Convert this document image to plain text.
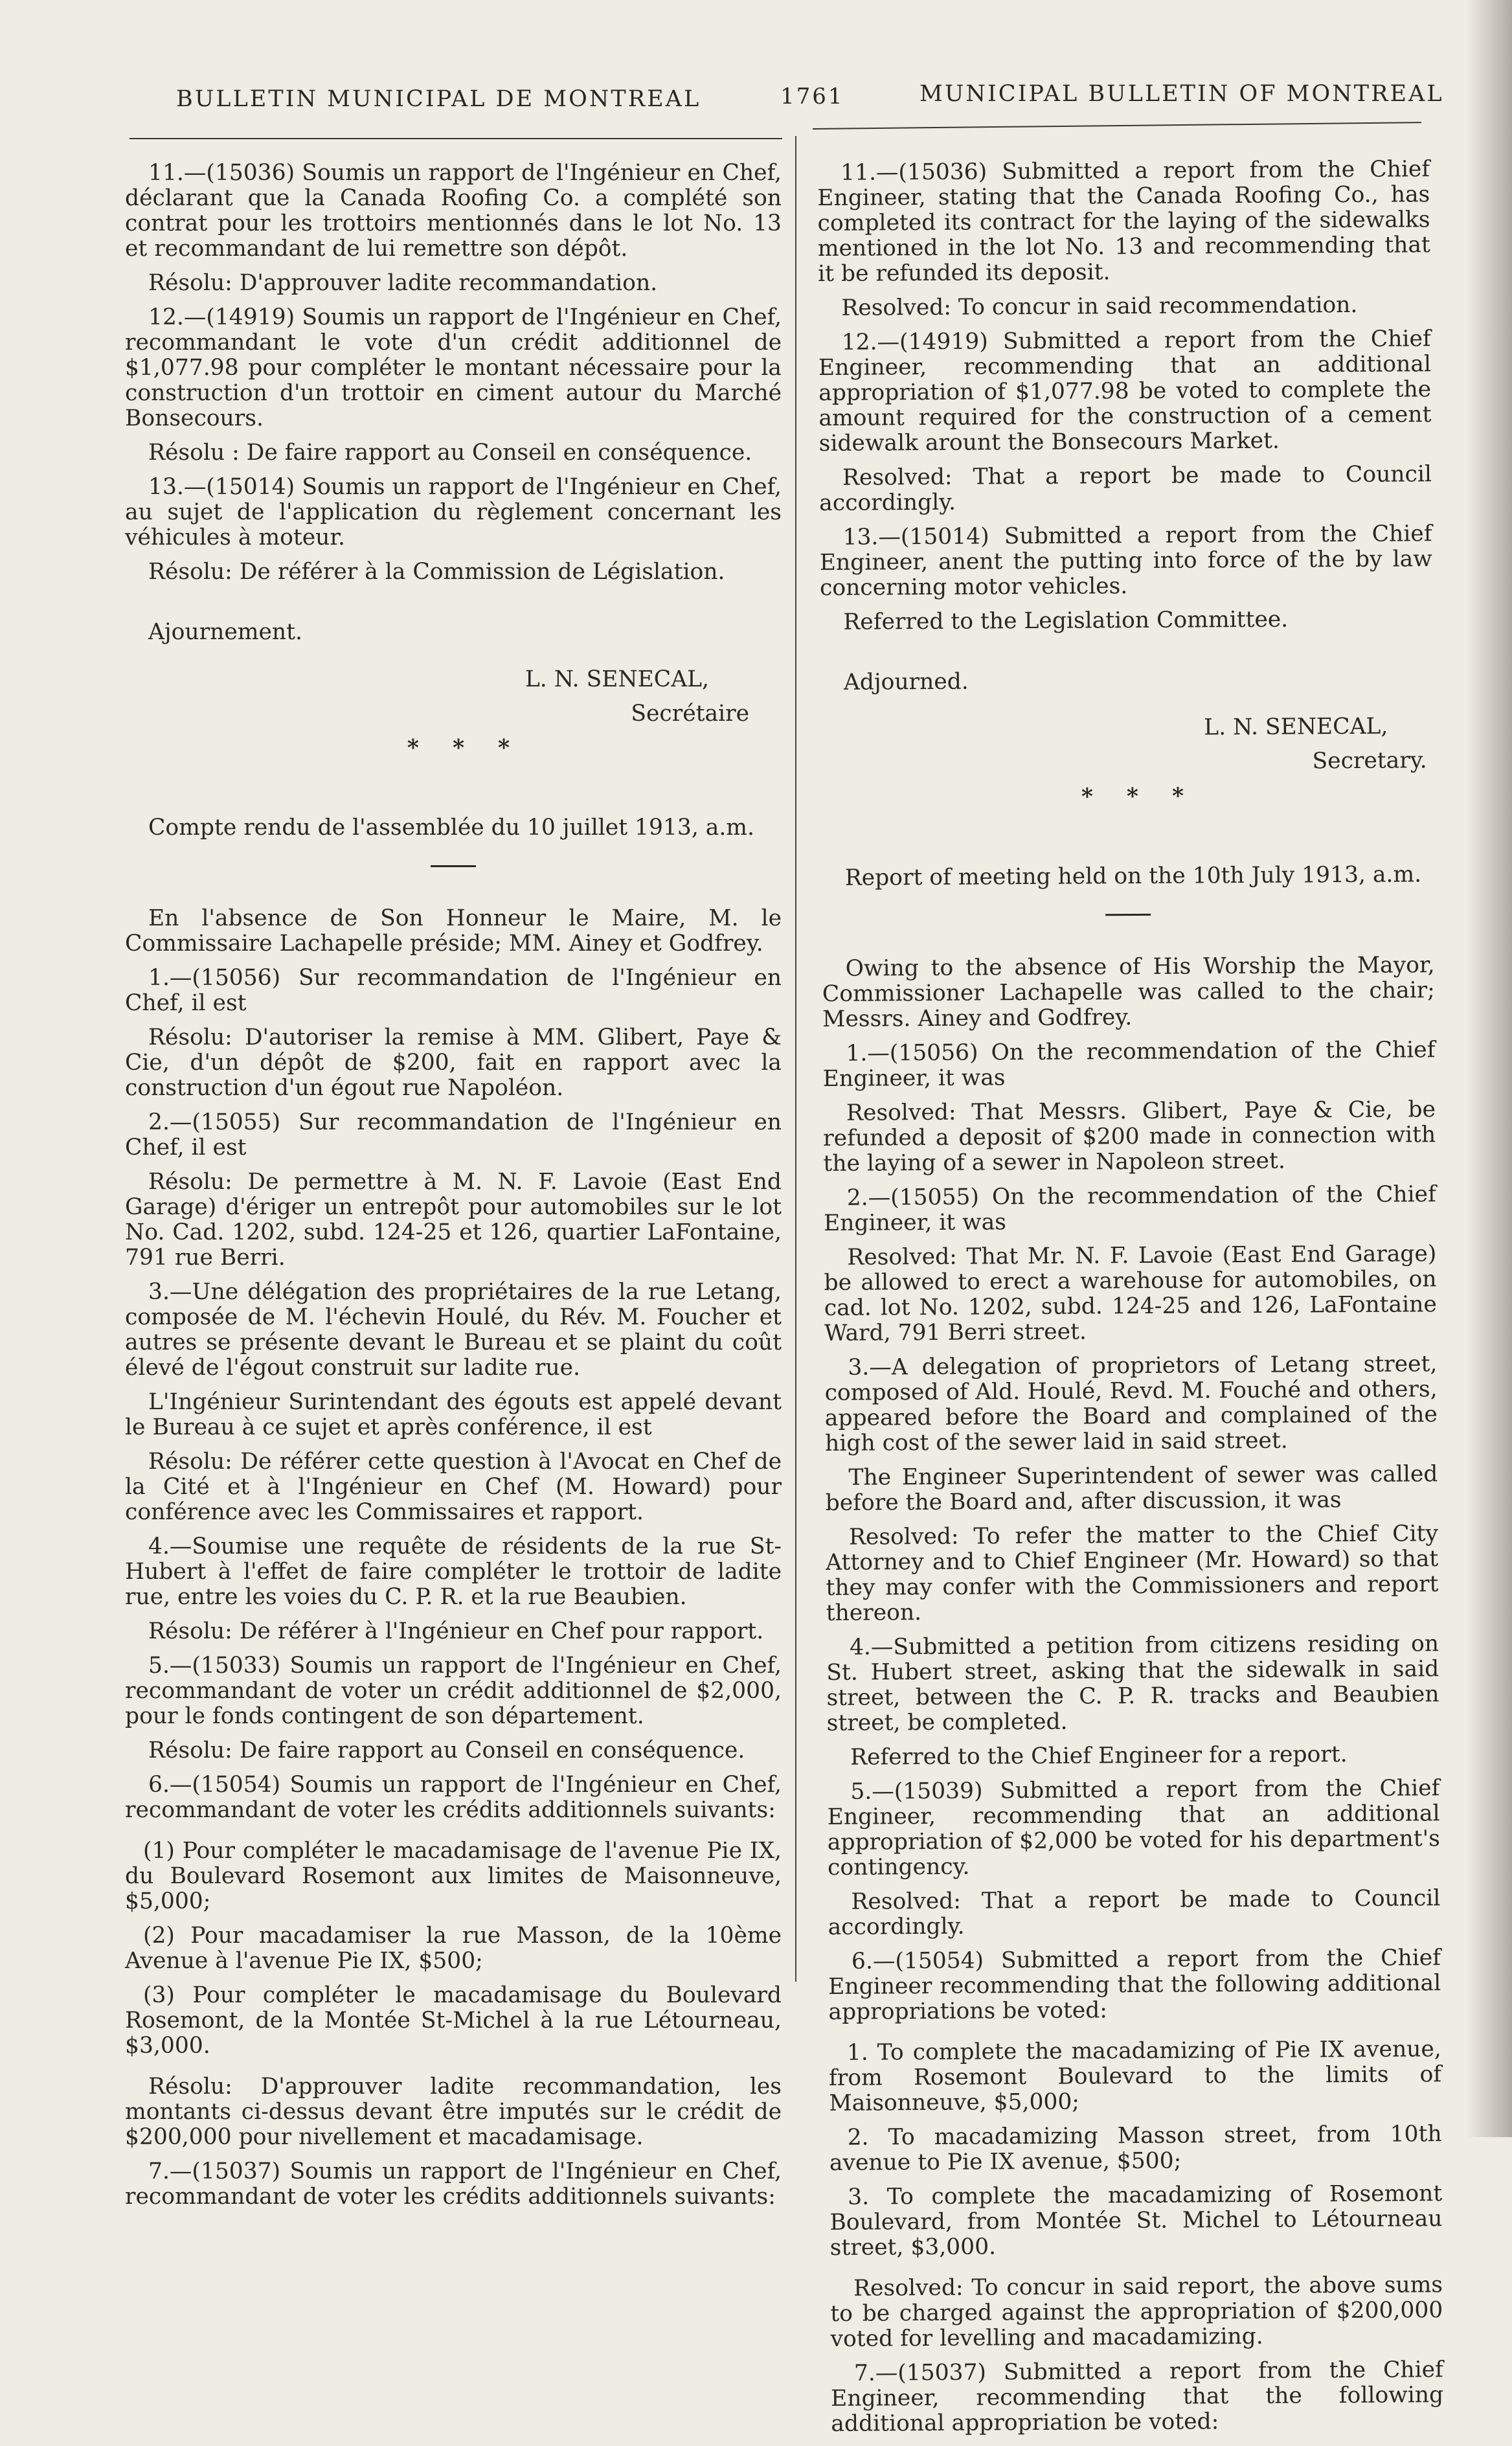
BULLETIN MUNICIPAL DE MONTREAL	1761	MUNICIPAL BULLETIN OF MONTREAL

11.—(15036) Soumis un rapport de l'Ingénieur en Chef, déclarant que la Canada Roofing Co. a complété son contrat pour les trottoirs mentionnés dans le lot No. 13 et recommandant de lui remettre son dépôt.

Résolu: D'approuver ladite recommandation.

12.—(14919) Soumis un rapport de l'Ingénieur en Chef, recommandant le vote d'un crédit additionnel de $1,077.98 pour compléter le montant nécessaire pour la construction d'un trottoir en ciment autour du Marché Bonsecours.

Résolu : De faire rapport au Conseil en conséquence.

13.—(15014) Soumis un rapport de l'Ingénieur en Chef, au sujet de l'application du règlement concernant les véhicules à moteur.

Résolu: De référer à la Commission de Législation.

Ajournement.

L. N. SENECAL,

Secrétaire

* * *

Compte rendu de l'assemblée du 10 juillet 1913, a.m.

En l'absence de Son Honneur le Maire, M. le Commissaire Lachapelle préside; MM. Ainey et Godfrey.

1.—(15056) Sur recommandation de l'Ingénieur en Chef, il est

Résolu: D'autoriser la remise à MM. Glibert, Paye & Cie, d'un dépôt de $200, fait en rapport avec la construction d'un égout rue Napoléon.

2.—(15055) Sur recommandation de l'Ingénieur en Chef, il est

Résolu: De permettre à M. N. F. Lavoie (East End Garage) d'ériger un entrepôt pour automobiles sur le lot No. Cad. 1202, subd. 124-25 et 126, quartier LaFontaine, 791 rue Berri.

3.—Une délégation des propriétaires de la rue Letang, composée de M. l'échevin Houlé, du Rév. M. Foucher et autres se présente devant le Bureau et se plaint du coût élevé de l'égout construit sur ladite rue.

L'Ingénieur Surintendant des égouts est appelé devant le Bureau à ce sujet et après conférence, il est

Résolu: De référer cette question à l'Avocat en Chef de la Cité et à l'Ingénieur en Chef (M. Howard) pour conférence avec les Commissaires et rapport.

4.—Soumise une requête de résidents de la rue St-Hubert à l'effet de faire compléter le trottoir de ladite rue, entre les voies du C. P. R. et la rue Beaubien.

Résolu: De référer à l'Ingénieur en Chef pour rapport.

5.—(15033) Soumis un rapport de l'Ingénieur en Chef, recommandant de voter un crédit additionnel de $2,000, pour le fonds contingent de son département.

Résolu: De faire rapport au Conseil en conséquence.

6.—(15054) Soumis un rapport de l'Ingénieur en Chef, recommandant de voter les crédits additionnels suivants:

(1) Pour compléter le macadamisage de l'avenue Pie IX, du Boulevard Rosemont aux limites de Maisonneuve, $5,000;

(2) Pour macadamiser la rue Masson, de la 10ème Avenue à l'avenue Pie IX, $500;

(3) Pour compléter le macadamisage du Boulevard Rosemont, de la Montée St-Michel à la rue Létourneau, $3,000.

Résolu: D'approuver ladite recommandation, les montants ci-dessus devant être imputés sur le crédit de $200,000 pour nivellement et macadamisage.

7.—(15037) Soumis un rapport de l'Ingénieur en Chef, recommandant de voter les crédits additionnels suivants:

11.—(15036) Submitted a report from the Chief Engineer, stating that the Canada Roofing Co., has completed its contract for the laying of the sidewalks mentioned in the lot No. 13 and recommending that it be refunded its deposit.

Resolved: To concur in said recommendation.

12.—(14919) Submitted a report from the Chief Engineer, recommending that an additional appropriation of $1,077.98 be voted to complete the amount required for the construction of a cement sidewalk arount the Bonsecours Market.

Resolved: That a report be made to Council accordingly.

13.—(15014) Submitted a report from the Chief Engineer, anent the putting into force of the by law concerning motor vehicles.

Referred to the Legislation Committee.

Adjourned.

L. N. SENECAL,

Secretary.

* * *

Report of meeting held on the 10th July 1913, a.m.

Owing to the absence of His Worship the Mayor, Commissioner Lachapelle was called to the chair; Messrs. Ainey and Godfrey.

1.—(15056) On the recommendation of the Chief Engineer, it was

Resolved: That Messrs. Glibert, Paye & Cie, be refunded a deposit of $200 made in connection with the laying of a sewer in Napoleon street.

2.—(15055) On the recommendation of the Chief Engineer, it was

Resolved: That Mr. N. F. Lavoie (East End Garage) be allowed to erect a warehouse for automobiles, on cad. lot No. 1202, subd. 124-25 and 126, LaFontaine Ward, 791 Berri street.

3.—A delegation of proprietors of Letang street, composed of Ald. Houlé, Revd. M. Fouché and others, appeared before the Board and complained of the high cost of the sewer laid in said street.

The Engineer Superintendent of sewer was called before the Board and, after discussion, it was

Resolved: To refer the matter to the Chief City Attorney and to Chief Engineer (Mr. Howard) so that they may confer with the Commissioners and report thereon.

4.—Submitted a petition from citizens residing on St. Hubert street, asking that the sidewalk in said street, between the C. P. R. tracks and Beaubien street, be completed.

Referred to the Chief Engineer for a report.

5.—(15039) Submitted a report from the Chief Engineer, recommending that an additional appropriation of $2,000 be voted for his department's contingency.

Resolved: That a report be made to Council accordingly.

6.—(15054) Submitted a report from the Chief Engineer recommending that the following additional appropriations be voted:

1. To complete the macadamizing of Pie IX avenue, from Rosemont Boulevard to the limits of Maisonneuve, $5,000;

2. To macadamizing Masson street, from 10th avenue to Pie IX avenue, $500;

3. To complete the macadamizing of Rosemont Boulevard, from Montée St. Michel to Létourneau street, $3,000.

Resolved: To concur in said report, the above sums to be charged against the appropriation of $200,000 voted for levelling and macadamizing.

7.—(15037) Submitted a report from the Chief Engineer, recommending that the following additional appropriation be voted:
